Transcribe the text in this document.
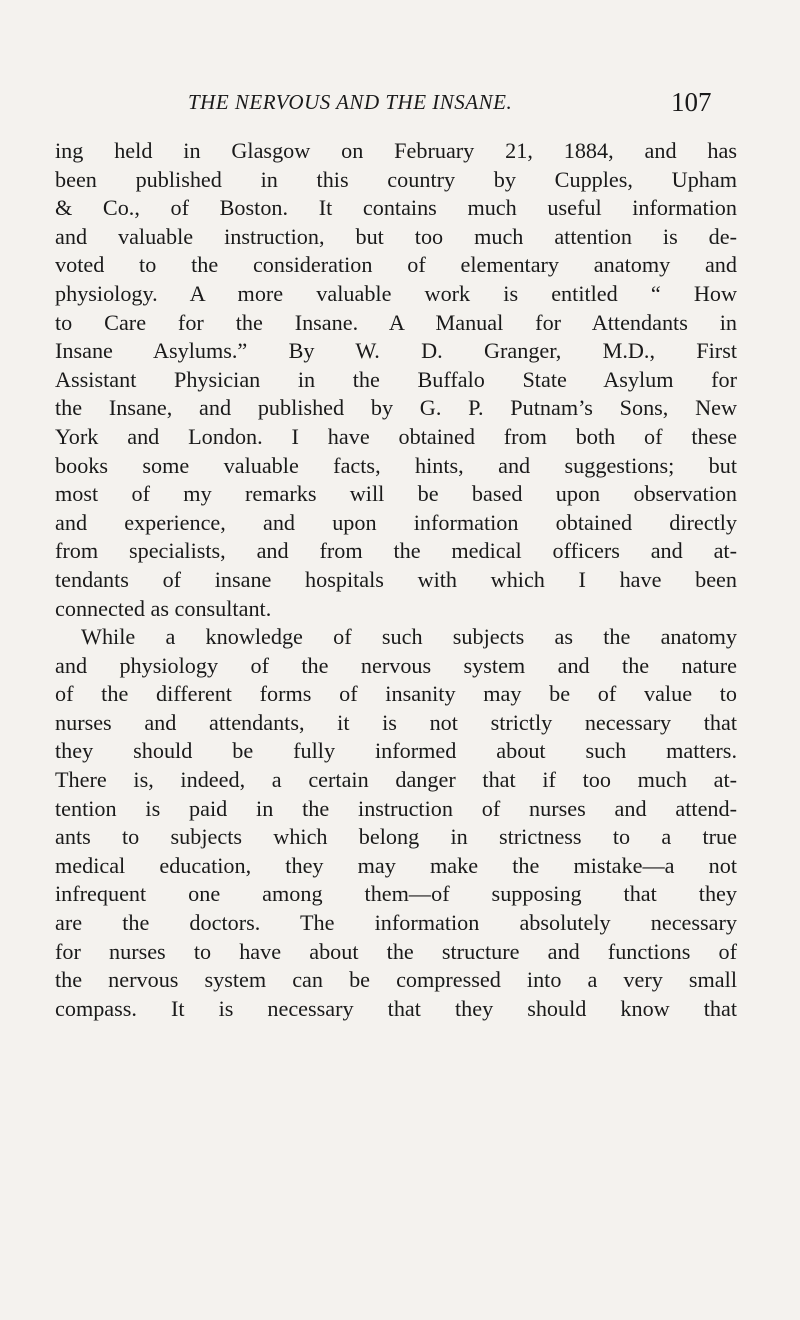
THE NERVOUS AND THE INSANE.	107
ing held in Glasgow on February 21, 1884, and has
been published in this country by Cupples, Upham
& Co., of Boston. It contains much useful information
and valuable instruction, but too much attention is de-
voted to the consideration of elementary anatomy and
physiology. A more valuable work is entitled “ How
to Care for the Insane. A Manual for Attendants in
Insane Asylums.” By W. D. Granger, M.D., First
Assistant Physician in the Buffalo State Asylum for
the Insane, and published by G. P. Putnam’s Sons, New
York and London. I have obtained from both of these
books some valuable facts, hints, and suggestions; but
most of my remarks will be based upon observation
and experience, and upon information obtained directly
from specialists, and from the medical officers and at-
tendants of insane hospitals with which I have been
connected as consultant.
While a knowledge of such subjects as the anatomy
and physiology of the nervous system and the nature
of the different forms of insanity may be of value to
nurses and attendants, it is not strictly necessary that
they should be fully informed about such matters.
There is, indeed, a certain danger that if too much at-
tention is paid in the instruction of nurses and attend-
ants to subjects which belong in strictness to a true
medical education, they may make the mistake—a not
infrequent one among them—of supposing that they
are the doctors. The information absolutely necessary
for nurses to have about the structure and functions of
the nervous system can be compressed into a very small
compass. It is necessary that they should know that
